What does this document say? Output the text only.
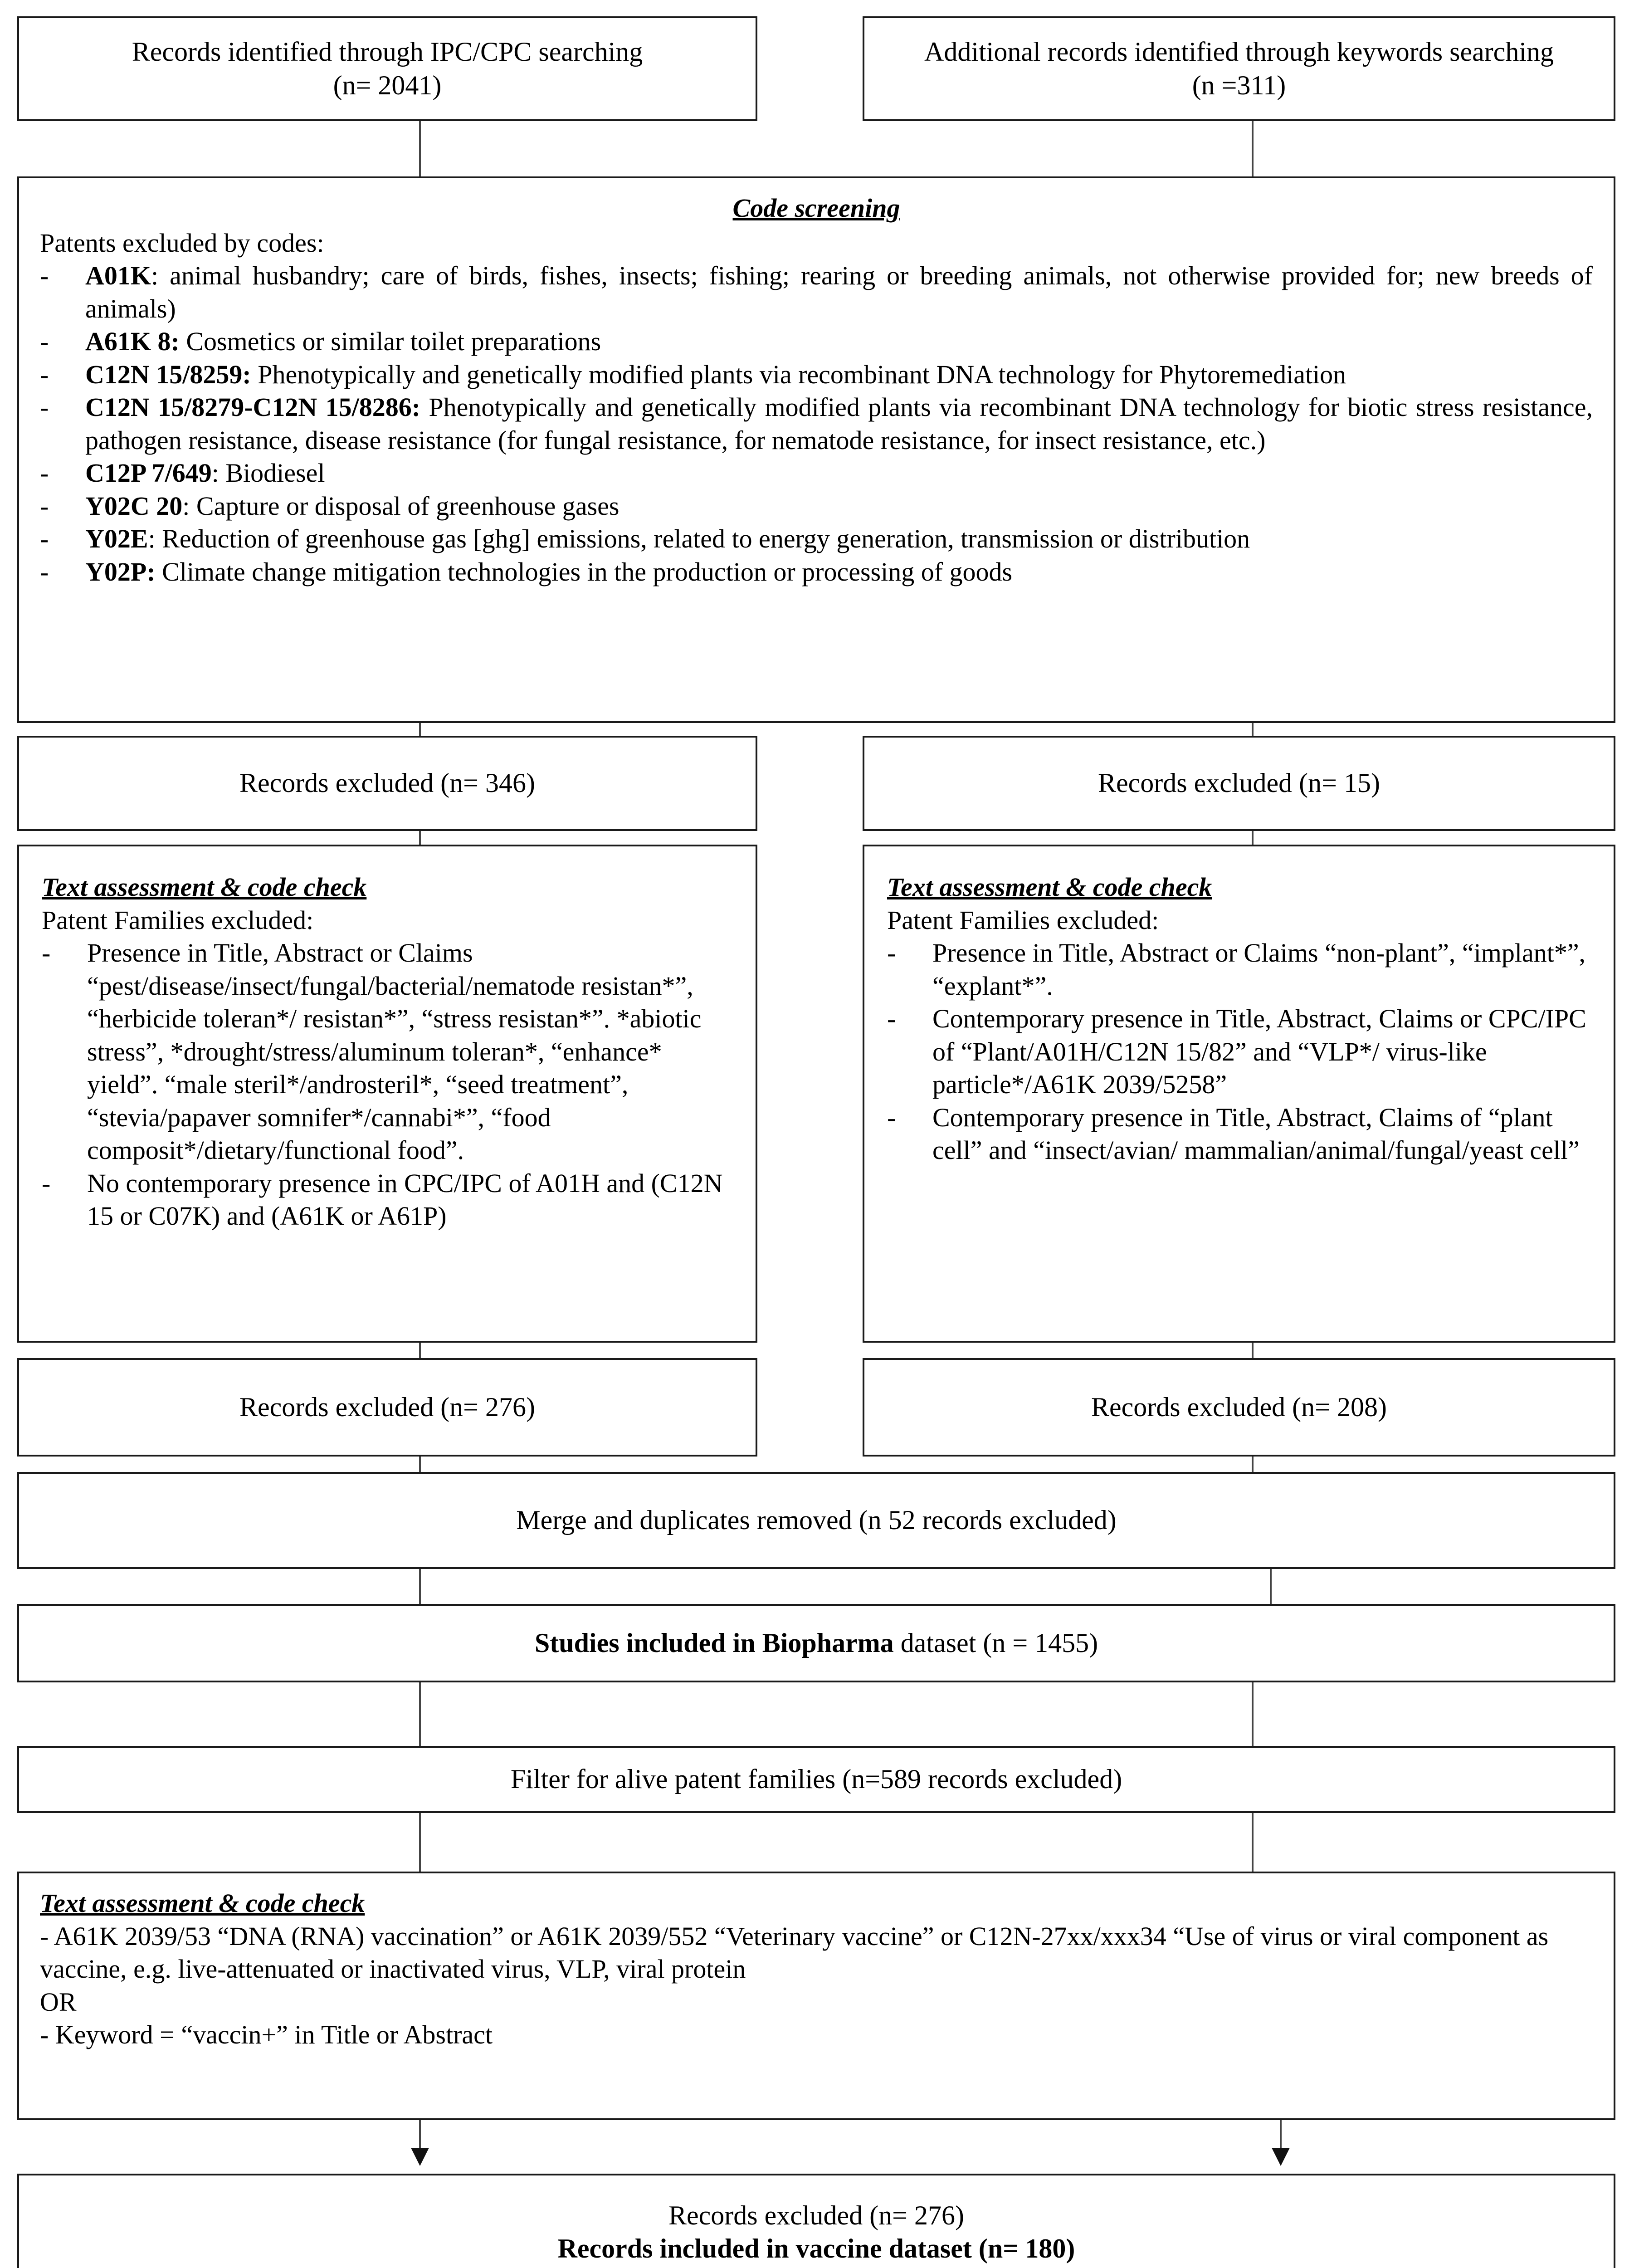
Records identified through IPC/CPC searching
(n= 2041)
Additional records identified through keywords searching
(n =311)
Code screening
Patents excluded by codes:
- A01K: animal husbandry; care of birds, fishes, insects; fishing; rearing or breeding animals, not otherwise provided for; new breeds of animals)
- A61K 8: Cosmetics or similar toilet preparations
- C12N 15/8259: Phenotypically and genetically modified plants via recombinant DNA technology for Phytoremediation
- C12N 15/8279-C12N 15/8286: Phenotypically and genetically modified plants via recombinant DNA technology for biotic stress resistance, pathogen resistance, disease resistance (for fungal resistance, for nematode resistance, for insect resistance, etc.)
- C12P 7/649: Biodiesel
- Y02C 20: Capture or disposal of greenhouse gases
- Y02E: Reduction of greenhouse gas [ghg] emissions, related to energy generation, transmission or distribution
- Y02P: Climate change mitigation technologies in the production or processing of goods
Records excluded (n= 346)	Records excluded (n= 15)
Text assessment & code check
Patent Families excluded:
- Presence in Title, Abstract or Claims “pest/disease/insect/fungal/bacterial/nematode resistan*”, “herbicide toleran*/ resistan*”, “stress resistan*”. *abiotic stress”, *drought/stress/aluminum toleran*, “enhance* yield”. “male steril*/androsteril*, “seed treatment”, “stevia/papaver somnifer*/cannabi*”, “food composit*/dietary/functional food”.
- No contemporary presence in CPC/IPC of A01H and (C12N 15 or C07K) and (A61K or A61P)
Text assessment & code check
Patent Families excluded:
- Presence in Title, Abstract or Claims “non-plant”, “implant*”, “explant*”.
- Contemporary presence in Title, Abstract, Claims or CPC/IPC of “Plant/A01H/C12N 15/82” and “VLP*/ virus-like particle*/A61K 2039/5258”
- Contemporary presence in Title, Abstract, Claims of “plant cell” and “insect/avian/ mammalian/animal/fungal/yeast cell”
Records excluded (n= 276)	Records excluded (n= 208)
Merge and duplicates removed (n 52 records excluded)
Studies included in Biopharma dataset (n = 1455)
Filter for alive patent families (n=589 records excluded)
Text assessment & code check
- A61K 2039/53 “DNA (RNA) vaccination” or A61K 2039/552 “Veterinary vaccine” or C12N-27xx/xxx34 “Use of virus or viral component as vaccine, e.g. live-attenuated or inactivated virus, VLP, viral protein
OR
- Keyword = “vaccin+” in Title or Abstract
Records excluded (n= 276)
Records included in vaccine dataset (n= 180)
